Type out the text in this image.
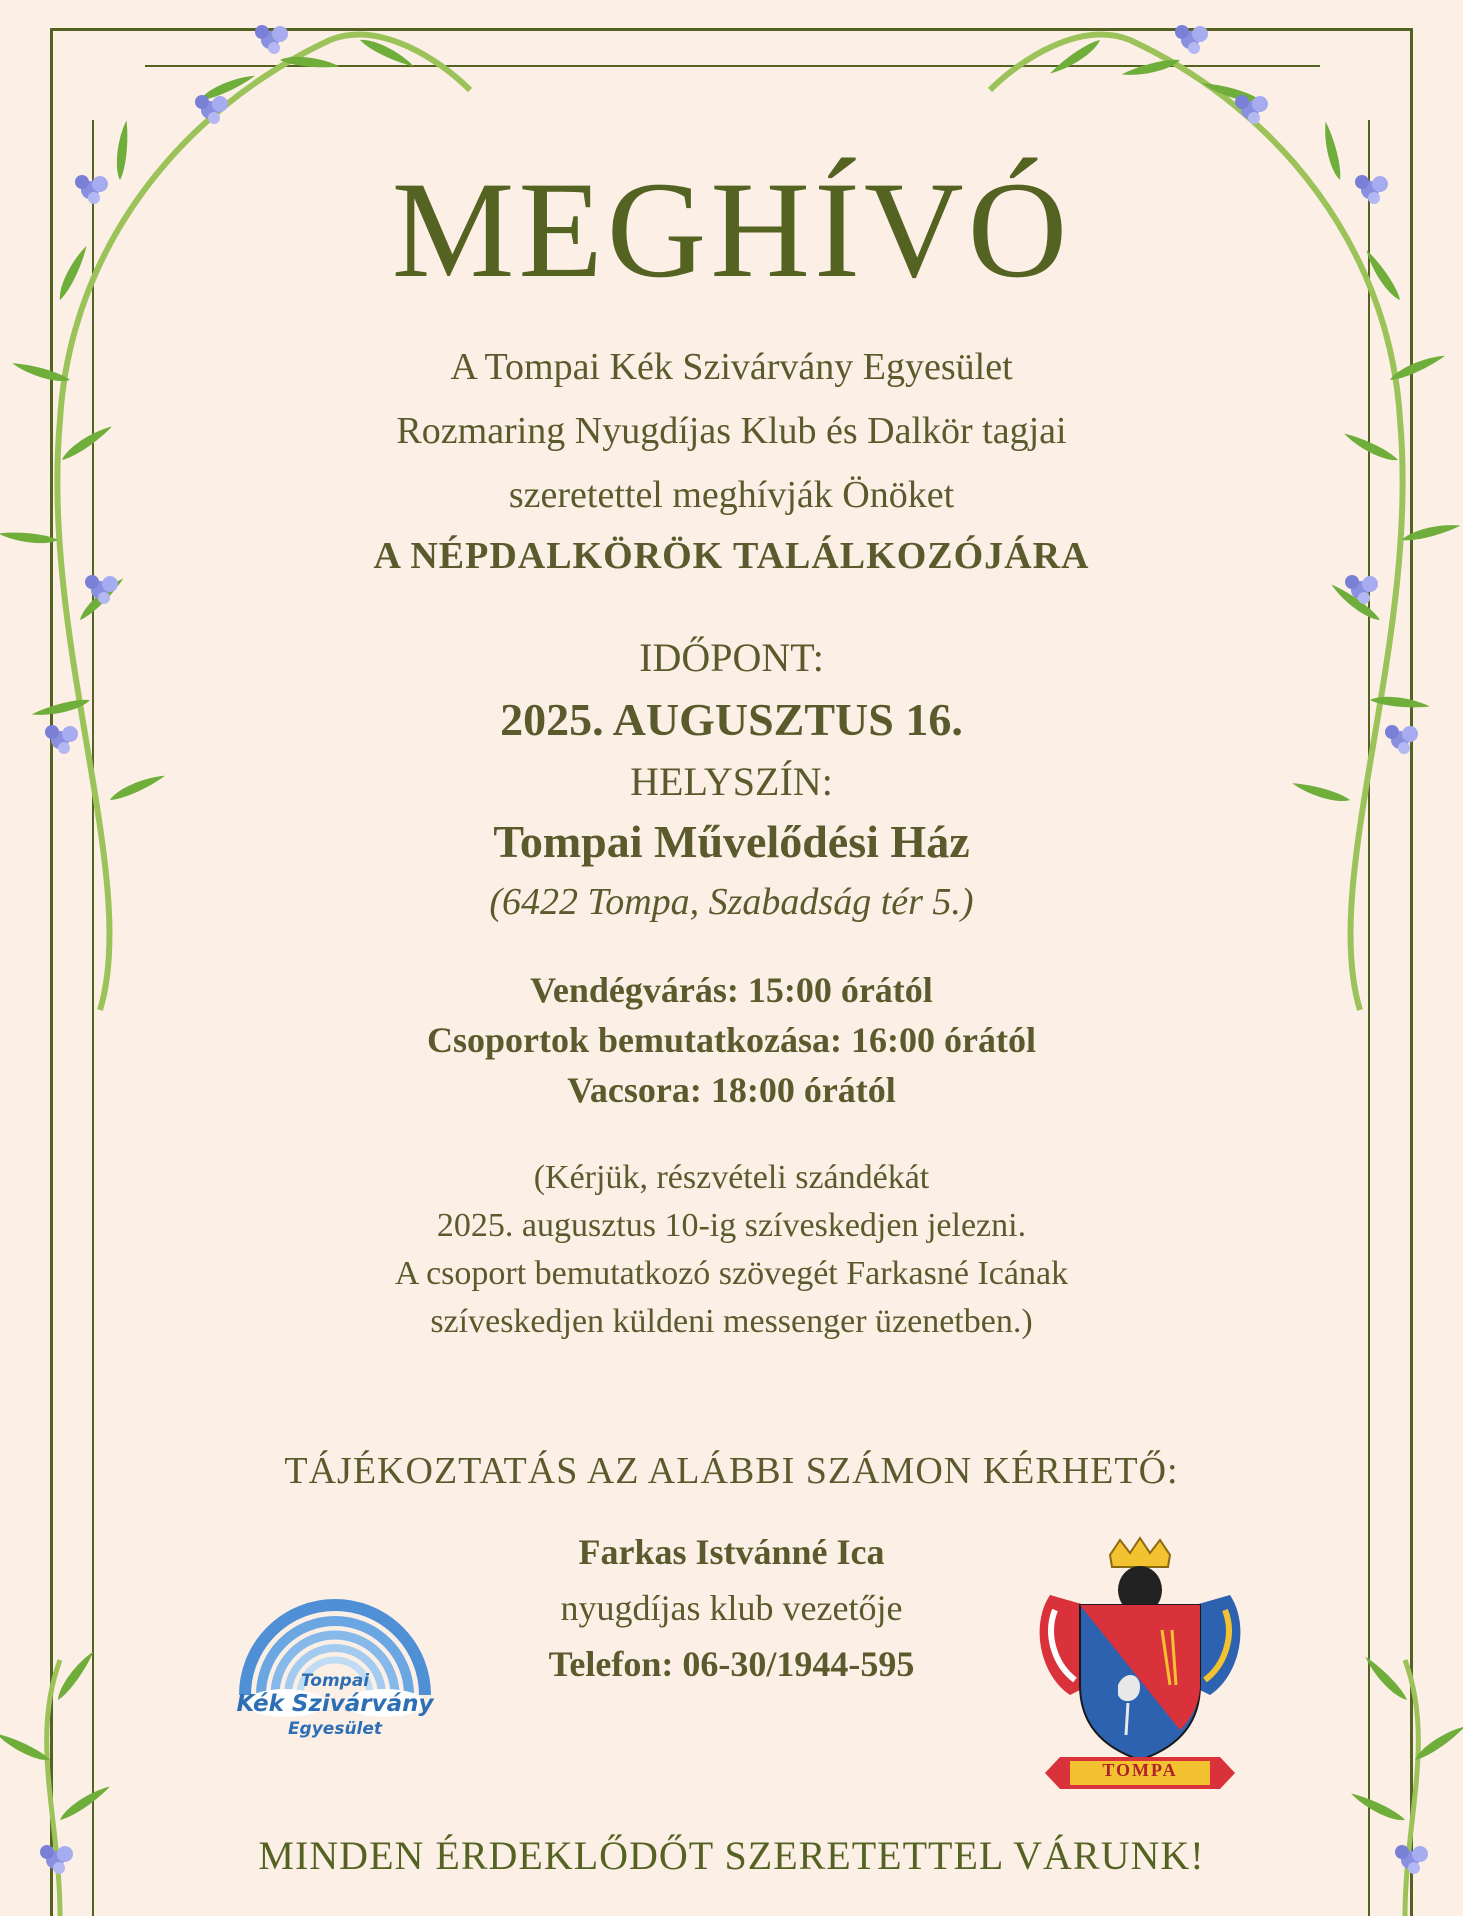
MEGHÍVÓ
A Tompai Kék Szivárvány Egyesület
Rozmaring Nyugdíjas Klub és Dalkör tagjai
szeretettel meghívják Önöket
A NÉPDALKÖRÖK TALÁLKOZÓJÁRA
IDŐPONT:
2025. AUGUSZTUS 16.
HELYSZÍN:
Tompai Művelődési Ház
(6422 Tompa, Szabadság tér 5.)
Vendégvárás: 15:00 órától
Csoportok bemutatkozása: 16:00 órától
Vacsora: 18:00 órától
(Kérjük, részvételi szándékát
2025. augusztus 10-ig szíveskedjen jelezni.
A csoport bemutatkozó szövegét Farkasné Icának
szíveskedjen küldeni messenger üzenetben.)
TÁJÉKOZTATÁS AZ ALÁBBI SZÁMON KÉRHETŐ:
Farkas Istvánné Ica
nyugdíjas klub vezetője
Telefon: 06-30/1944-595
Tompai
Kék Szivárvány
Egyesület
TOMPA
MINDEN ÉRDEKLŐDŐT SZERETETTEL VÁRUNK!
